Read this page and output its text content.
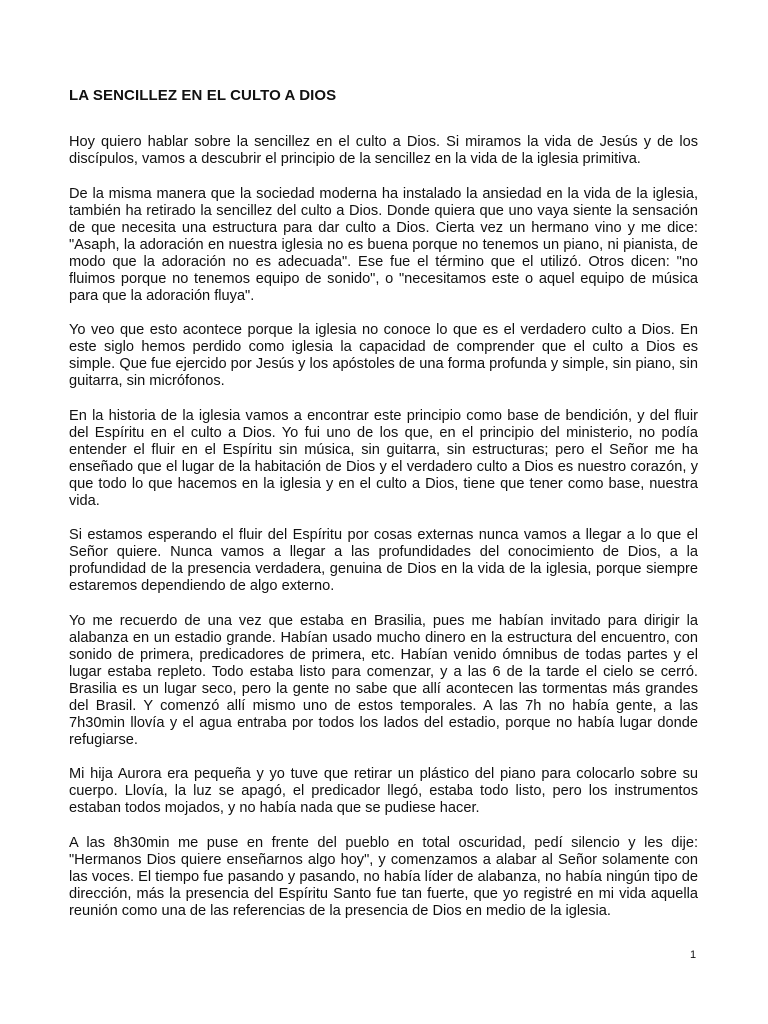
LA SENCILLEZ EN EL CULTO A DIOS

Hoy quiero hablar sobre la sencillez en el culto a Dios. Si miramos la vida de Jesús y de los discípulos, vamos a descubrir el principio de la sencillez en la vida de la iglesia primitiva.

De la misma manera que la sociedad moderna ha instalado la ansiedad en la vida de la iglesia, también ha retirado la sencillez del culto a Dios. Donde quiera que uno vaya siente la sensación de que necesita una estructura para dar culto a Dios. Cierta vez un hermano vino y me dice: "Asaph, la adoración en nuestra iglesia no es buena porque no tenemos un piano, ni pianista, de modo que la adoración no es adecuada". Ese fue el término que el utilizó. Otros dicen: "no fluimos porque no tenemos equipo de sonido", o "necesitamos este o aquel equipo de música para que la adoración fluya".

Yo veo que esto acontece porque la iglesia no conoce lo que es el verdadero culto a Dios. En este siglo hemos perdido como iglesia la capacidad de comprender que el culto a Dios es simple. Que fue ejercido por Jesús y los apóstoles de una forma profunda y simple, sin piano, sin guitarra, sin micrófonos.

En la historia de la iglesia vamos a encontrar este principio como base de bendición, y del fluir del Espíritu en el culto a Dios. Yo fui uno de los que, en el principio del ministerio, no podía entender el fluir en el Espíritu sin música, sin guitarra, sin estructuras; pero el Señor me ha enseñado que el lugar de la habitación de Dios y el verdadero culto a Dios es nuestro corazón, y que todo lo que hacemos en la iglesia y en el culto a Dios, tiene que tener como base, nuestra vida.

Si estamos esperando el fluir del Espíritu por cosas externas nunca vamos a llegar a lo que el Señor quiere. Nunca vamos a llegar a las profundidades del conocimiento de Dios, a la profundidad de la presencia verdadera, genuina de Dios en la vida de la iglesia, porque siempre estaremos dependiendo de algo externo.

Yo me recuerdo de una vez que estaba en Brasilia, pues me habían invitado para dirigir la alabanza en un estadio grande. Habían usado mucho dinero en la estructura del encuentro, con sonido de primera, predicadores de primera, etc. Habían venido ómnibus de todas partes y el lugar estaba repleto. Todo estaba listo para comenzar, y a las 6 de la tarde el cielo se cerró. Brasilia es un lugar seco, pero la gente no sabe que allí acontecen las tormentas más grandes del Brasil. Y comenzó allí mismo uno de estos temporales. A las 7h no había gente, a las 7h30min llovía y el agua entraba por todos los lados del estadio, porque no había lugar donde refugiarse.

Mi hija Aurora era pequeña y yo tuve que retirar un plástico del piano para colocarlo sobre su cuerpo. Llovía, la luz se apagó, el predicador llegó, estaba todo listo, pero los instrumentos estaban todos mojados, y no había nada que se pudiese hacer.

A las 8h30min me puse en frente del pueblo en total oscuridad, pedí silencio y les dije: "Hermanos Dios quiere enseñarnos algo hoy", y comenzamos a alabar al Señor solamente con las voces. El tiempo fue pasando y pasando, no había líder de alabanza, no había ningún tipo de dirección, más la presencia del Espíritu Santo fue tan fuerte, que yo registré en mi vida aquella reunión como una de las referencias de la presencia de Dios en medio de la iglesia.

1
